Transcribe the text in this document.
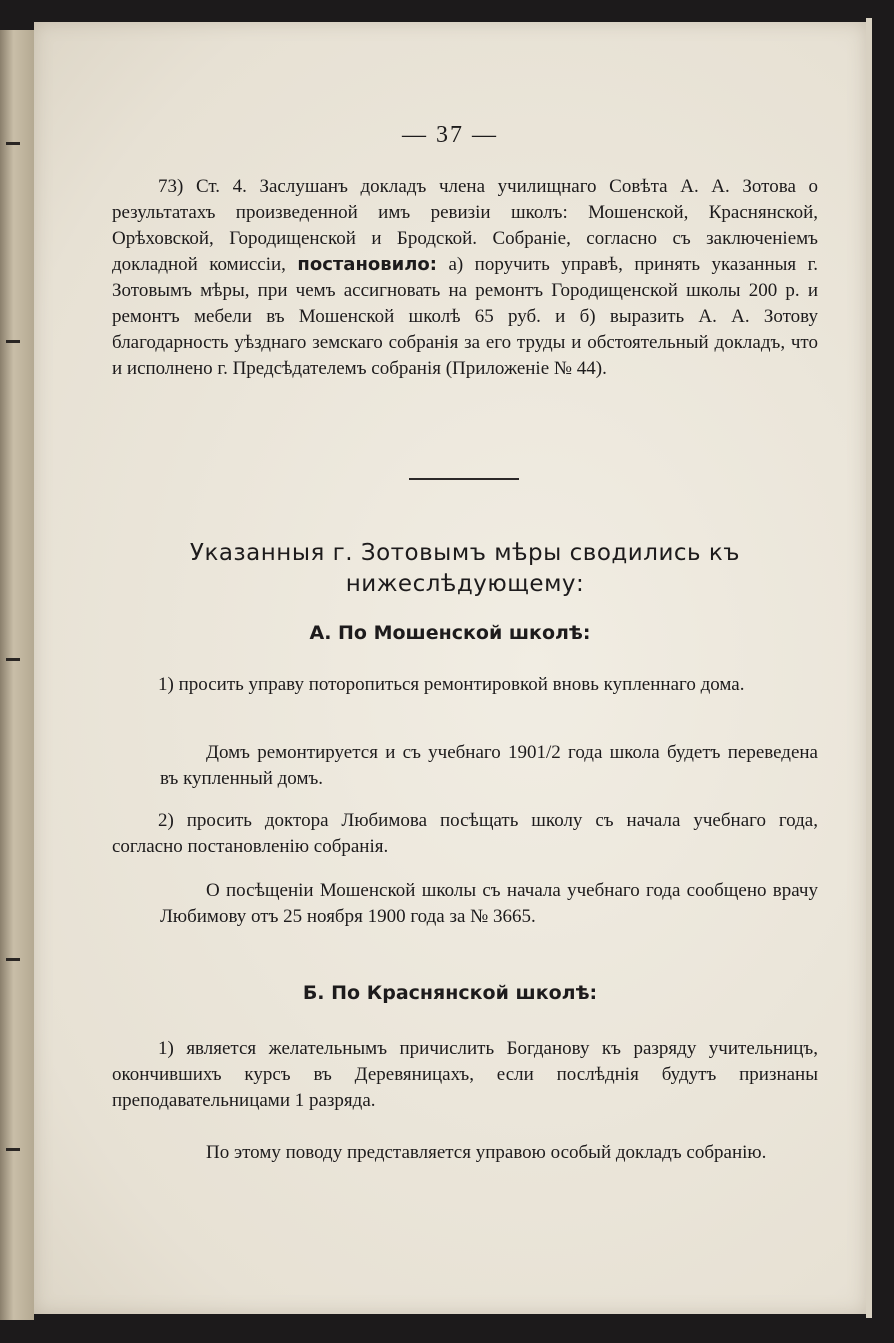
— 37 —

73) Ст. 4. Заслушанъ докладъ члена училищнаго Совѣта А. А. Зотова о результатахъ произведенной имъ ревизіи школъ: Мошенской, Краснянской, Орѣховской, Городищенской и Бродской. Собраніе, согласно съ заключеніемъ докладной комиссіи, постановило: а) поручить управѣ, принять указанныя г. Зотовымъ мѣры, при чемъ ассигновать на ремонтъ Городищенской школы 200 р. и ремонтъ мебели въ Мошенской школѣ 65 руб. и б) выразить А. А. Зотову благодарность уѣзднаго земскаго собранія за его труды и обстоятельный докладъ, что и исполнено г. Предсѣдателемъ собранія (Приложеніе № 44).

Указанныя г. Зотовымъ мѣры сводились къ нижеслѣдующему:

А. По Мошенской школѣ:

1) просить управу поторопиться ремонтировкой вновь купленнаго дома.

Домъ ремонтируется и съ учебнаго 1901/2 года школа будетъ переведена въ купленный домъ.

2) просить доктора Любимова посѣщать школу съ начала учебнаго года, согласно постановленію собранія.

О посѣщеніи Мошенской школы съ начала учебнаго года сообщено врачу Любимову отъ 25 ноября 1900 года за № 3665.

Б. По Краснянской школѣ:

1) является желательнымъ причислить Богданову къ разряду учительницъ, окончившихъ курсъ въ Деревяницахъ, если послѣднія будутъ признаны преподавательницами 1 разряда.

По этому поводу представляется управою особый докладъ собранію.
